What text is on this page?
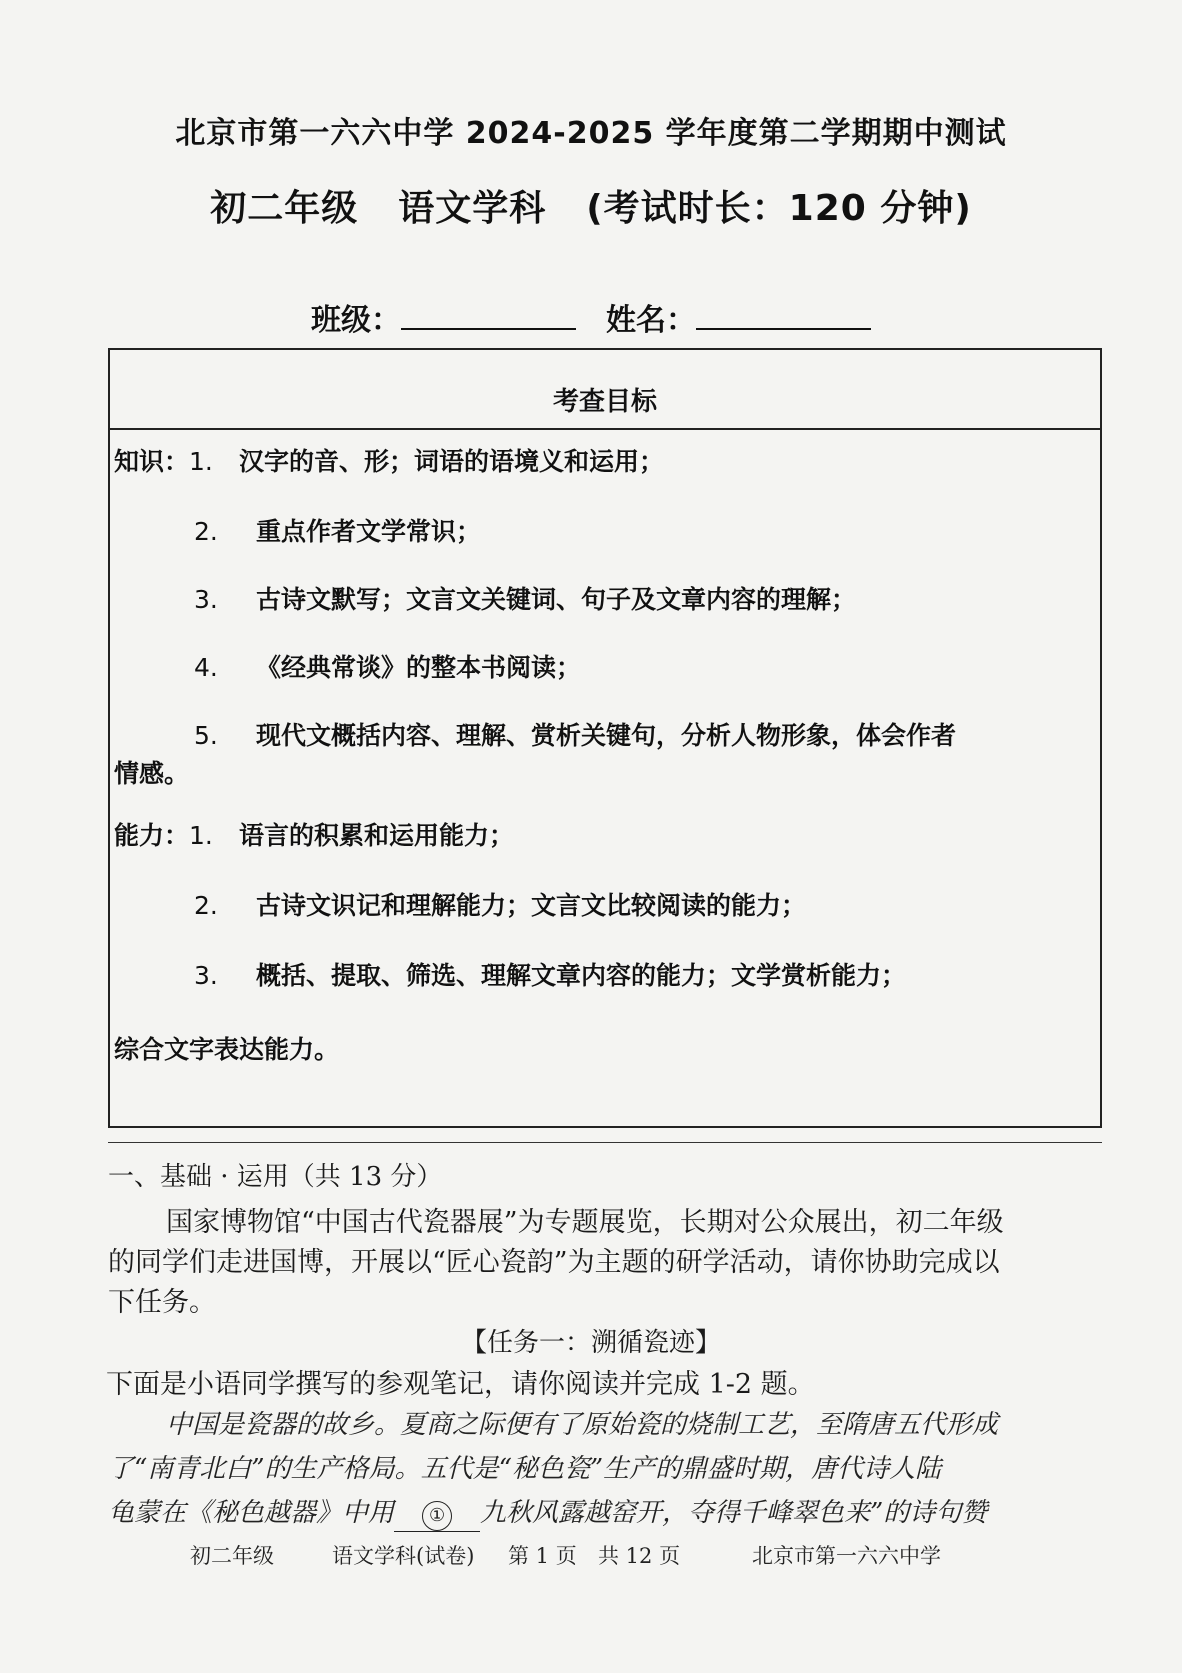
北京市第一六六中学 2024-2025 学年度第二学期期中测试
初二年级 语文学科 (考试时长：120 分钟)
班级：	姓名：
考查目标
知识：1. 汉字的音、形；词语的语境义和运用；
2. 重点作者文学常识；
3. 古诗文默写；文言文关键词、句子及文章内容的理解；
4. 《经典常谈》的整本书阅读；
5. 现代文概括内容、理解、赏析关键句，分析人物形象，体会作者
情感。
能力：1. 语言的积累和运用能力；
2. 古诗文识记和理解能力；文言文比较阅读的能力；
3. 概括、提取、筛选、理解文章内容的能力；文学赏析能力；
综合文字表达能力。
一、基础 · 运用（共 13 分）
国家博物馆“中国古代瓷器展”为专题展览，长期对公众展出，初二年级
的同学们走进国博，开展以“匠心瓷韵”为主题的研学活动，请你协助完成以
下任务。
【任务一：溯循瓷迹】
下面是小语同学撰写的参观笔记，请你阅读并完成 1-2 题。
中国是瓷器的故乡。夏商之际便有了原始瓷的烧制工艺，至隋唐五代形成
了“南青北白”的生产格局。五代是“秘色瓷”生产的鼎盛时期，唐代诗人陆
龟蒙在《秘色越器》中用 ① 九秋风露越窑开，夺得千峰翠色来”的诗句赞
初二年级	语文学科(试卷) 第 1 页 共 12 页	北京市第一六六中学
